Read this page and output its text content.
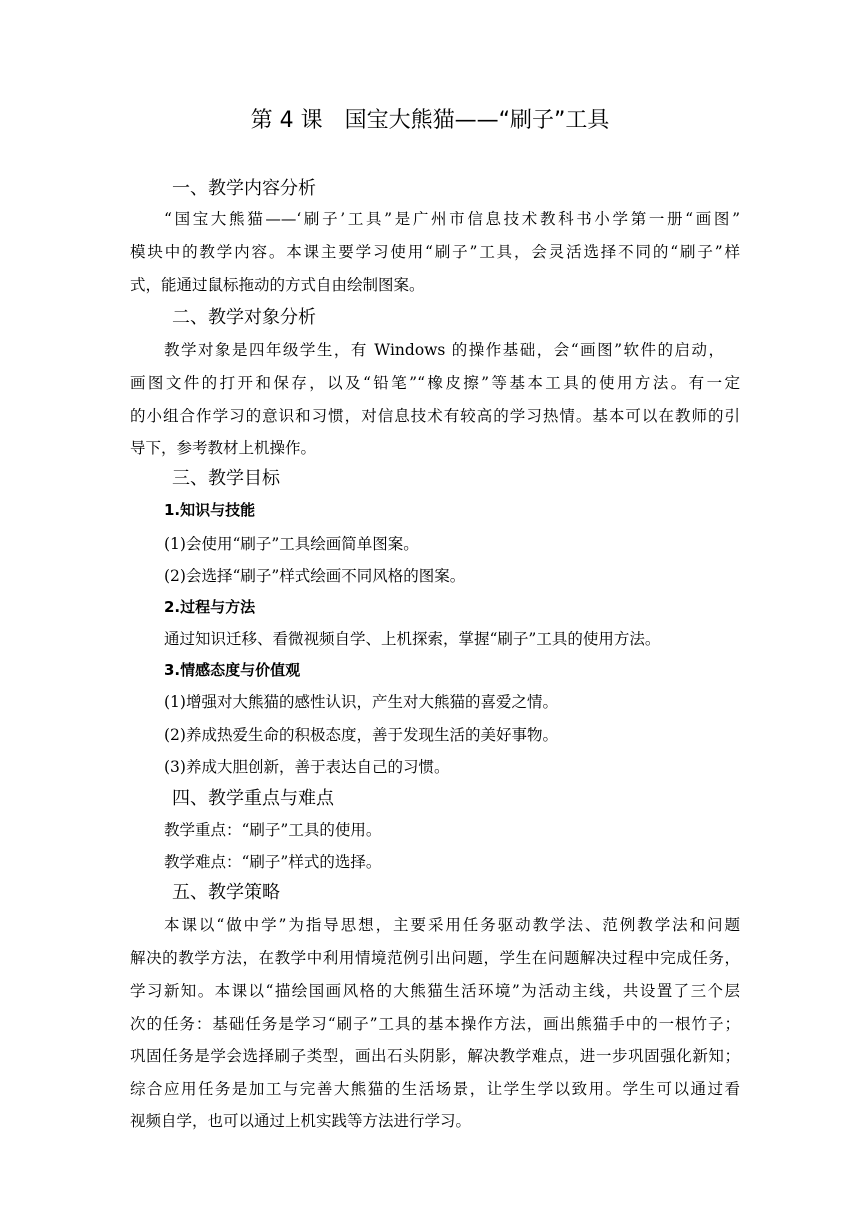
第 4 课　国宝大熊猫——“刷子”工具
一、教学内容分析
“国宝大熊猫——‘刷子’工具”是广州市信息技术教科书小学第一册“画图”
模块中的教学内容。本课主要学习使用“刷子”工具，会灵活选择不同的“刷子”样
式，能通过鼠标拖动的方式自由绘制图案。
二、教学对象分析
教学对象是四年级学生，有 Windows 的操作基础，会“画图”软件的启动，
画图文件的打开和保存，以及“铅笔”“橡皮擦”等基本工具的使用方法。有一定
的小组合作学习的意识和习惯，对信息技术有较高的学习热情。基本可以在教师的引
导下，参考教材上机操作。
三、教学目标
1.知识与技能
(1)会使用“刷子”工具绘画简单图案。
(2)会选择“刷子”样式绘画不同风格的图案。
2.过程与方法
通过知识迁移、看微视频自学、上机探索，掌握“刷子”工具的使用方法。
3.情感态度与价值观
(1)增强对大熊猫的感性认识，产生对大熊猫的喜爱之情。
(2)养成热爱生命的积极态度，善于发现生活的美好事物。
(3)养成大胆创新，善于表达自己的习惯。
四、教学重点与难点
教学重点：“刷子”工具的使用。
教学难点：“刷子”样式的选择。
五、教学策略
本课以“做中学”为指导思想，主要采用任务驱动教学法、范例教学法和问题
解决的教学方法，在教学中利用情境范例引出问题，学生在问题解决过程中完成任务，
学习新知。本课以“描绘国画风格的大熊猫生活环境”为活动主线，共设置了三个层
次的任务：基础任务是学习“刷子”工具的基本操作方法，画出熊猫手中的一根竹子；
巩固任务是学会选择刷子类型，画出石头阴影，解决教学难点，进一步巩固强化新知；
综合应用任务是加工与完善大熊猫的生活场景，让学生学以致用。学生可以通过看
视频自学，也可以通过上机实践等方法进行学习。
